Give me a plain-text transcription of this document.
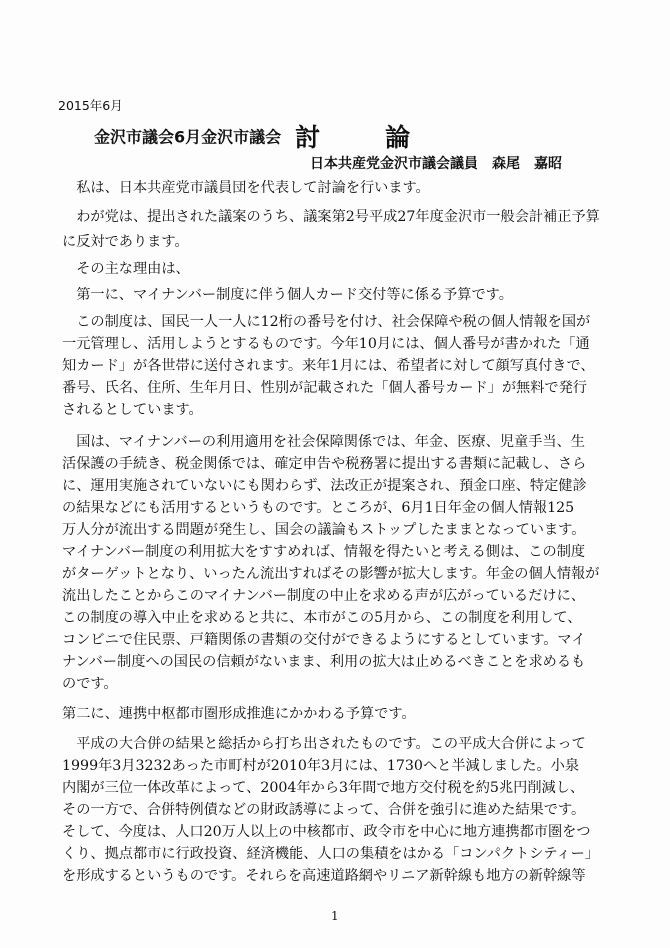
2015年6月
金沢市議会6月金沢市議会 討　論
日本共産党金沢市議会議員　森尾　嘉昭
　私は、日本共産党市議員団を代表して討論を行います。
　わが党は、提出された議案のうち、議案第2号平成27年度金沢市一般会計補正予算
に反対であります。
　その主な理由は、
　第一に、マイナンバー制度に伴う個人カード交付等に係る予算です。
　この制度は、国民一人一人に12桁の番号を付け、社会保障や税の個人情報を国が
一元管理し、活用しようとするものです。今年10月には、個人番号が書かれた「通
知カード」が各世帯に送付されます。来年1月には、希望者に対して顔写真付きで、
番号、氏名、住所、生年月日、性別が記載された「個人番号カード」が無料で発行
されるとしています。
　国は、マイナンバーの利用適用を社会保障関係では、年金、医療、児童手当、生
活保護の手続き、税金関係では、確定申告や税務署に提出する書類に記載し、さら
に、運用実施されていないにも関わらず、法改正が提案され、預金口座、特定健診
の結果などにも活用するというものです。ところが、6月1日年金の個人情報125
万人分が流出する問題が発生し、国会の議論もストップしたままとなっています。
マイナンバー制度の利用拡大をすすめれば、情報を得たいと考える側は、この制度
がターゲットとなり、いったん流出すればその影響が拡大します。年金の個人情報が
流出したことからこのマイナンバー制度の中止を求める声が広がっているだけに、
この制度の導入中止を求めると共に、本市がこの5月から、この制度を利用して、
コンビニで住民票、戸籍関係の書類の交付ができるようにするとしています。マイ
ナンバー制度への国民の信頼がないまま、利用の拡大は止めるべきことを求めるも
のです。
第二に、連携中枢都市圏形成推進にかかわる予算です。
　平成の大合併の結果と総括から打ち出されたものです。この平成大合併によって
1999年3月3232あった市町村が2010年3月には、1730へと半減しました。小泉
内閣が三位一体改革によって、2004年から3年間で地方交付税を約5兆円削減し、
その一方で、合併特例債などの財政誘導によって、合併を強引に進めた結果です。
そして、今度は、人口20万人以上の中核都市、政令市を中心に地方連携都市圏をつ
くり、拠点都市に行政投資、経済機能、人口の集積をはかる「コンパクトシティー」
を形成するというものです。それらを高速道路網やリニア新幹線も地方の新幹線等
1
